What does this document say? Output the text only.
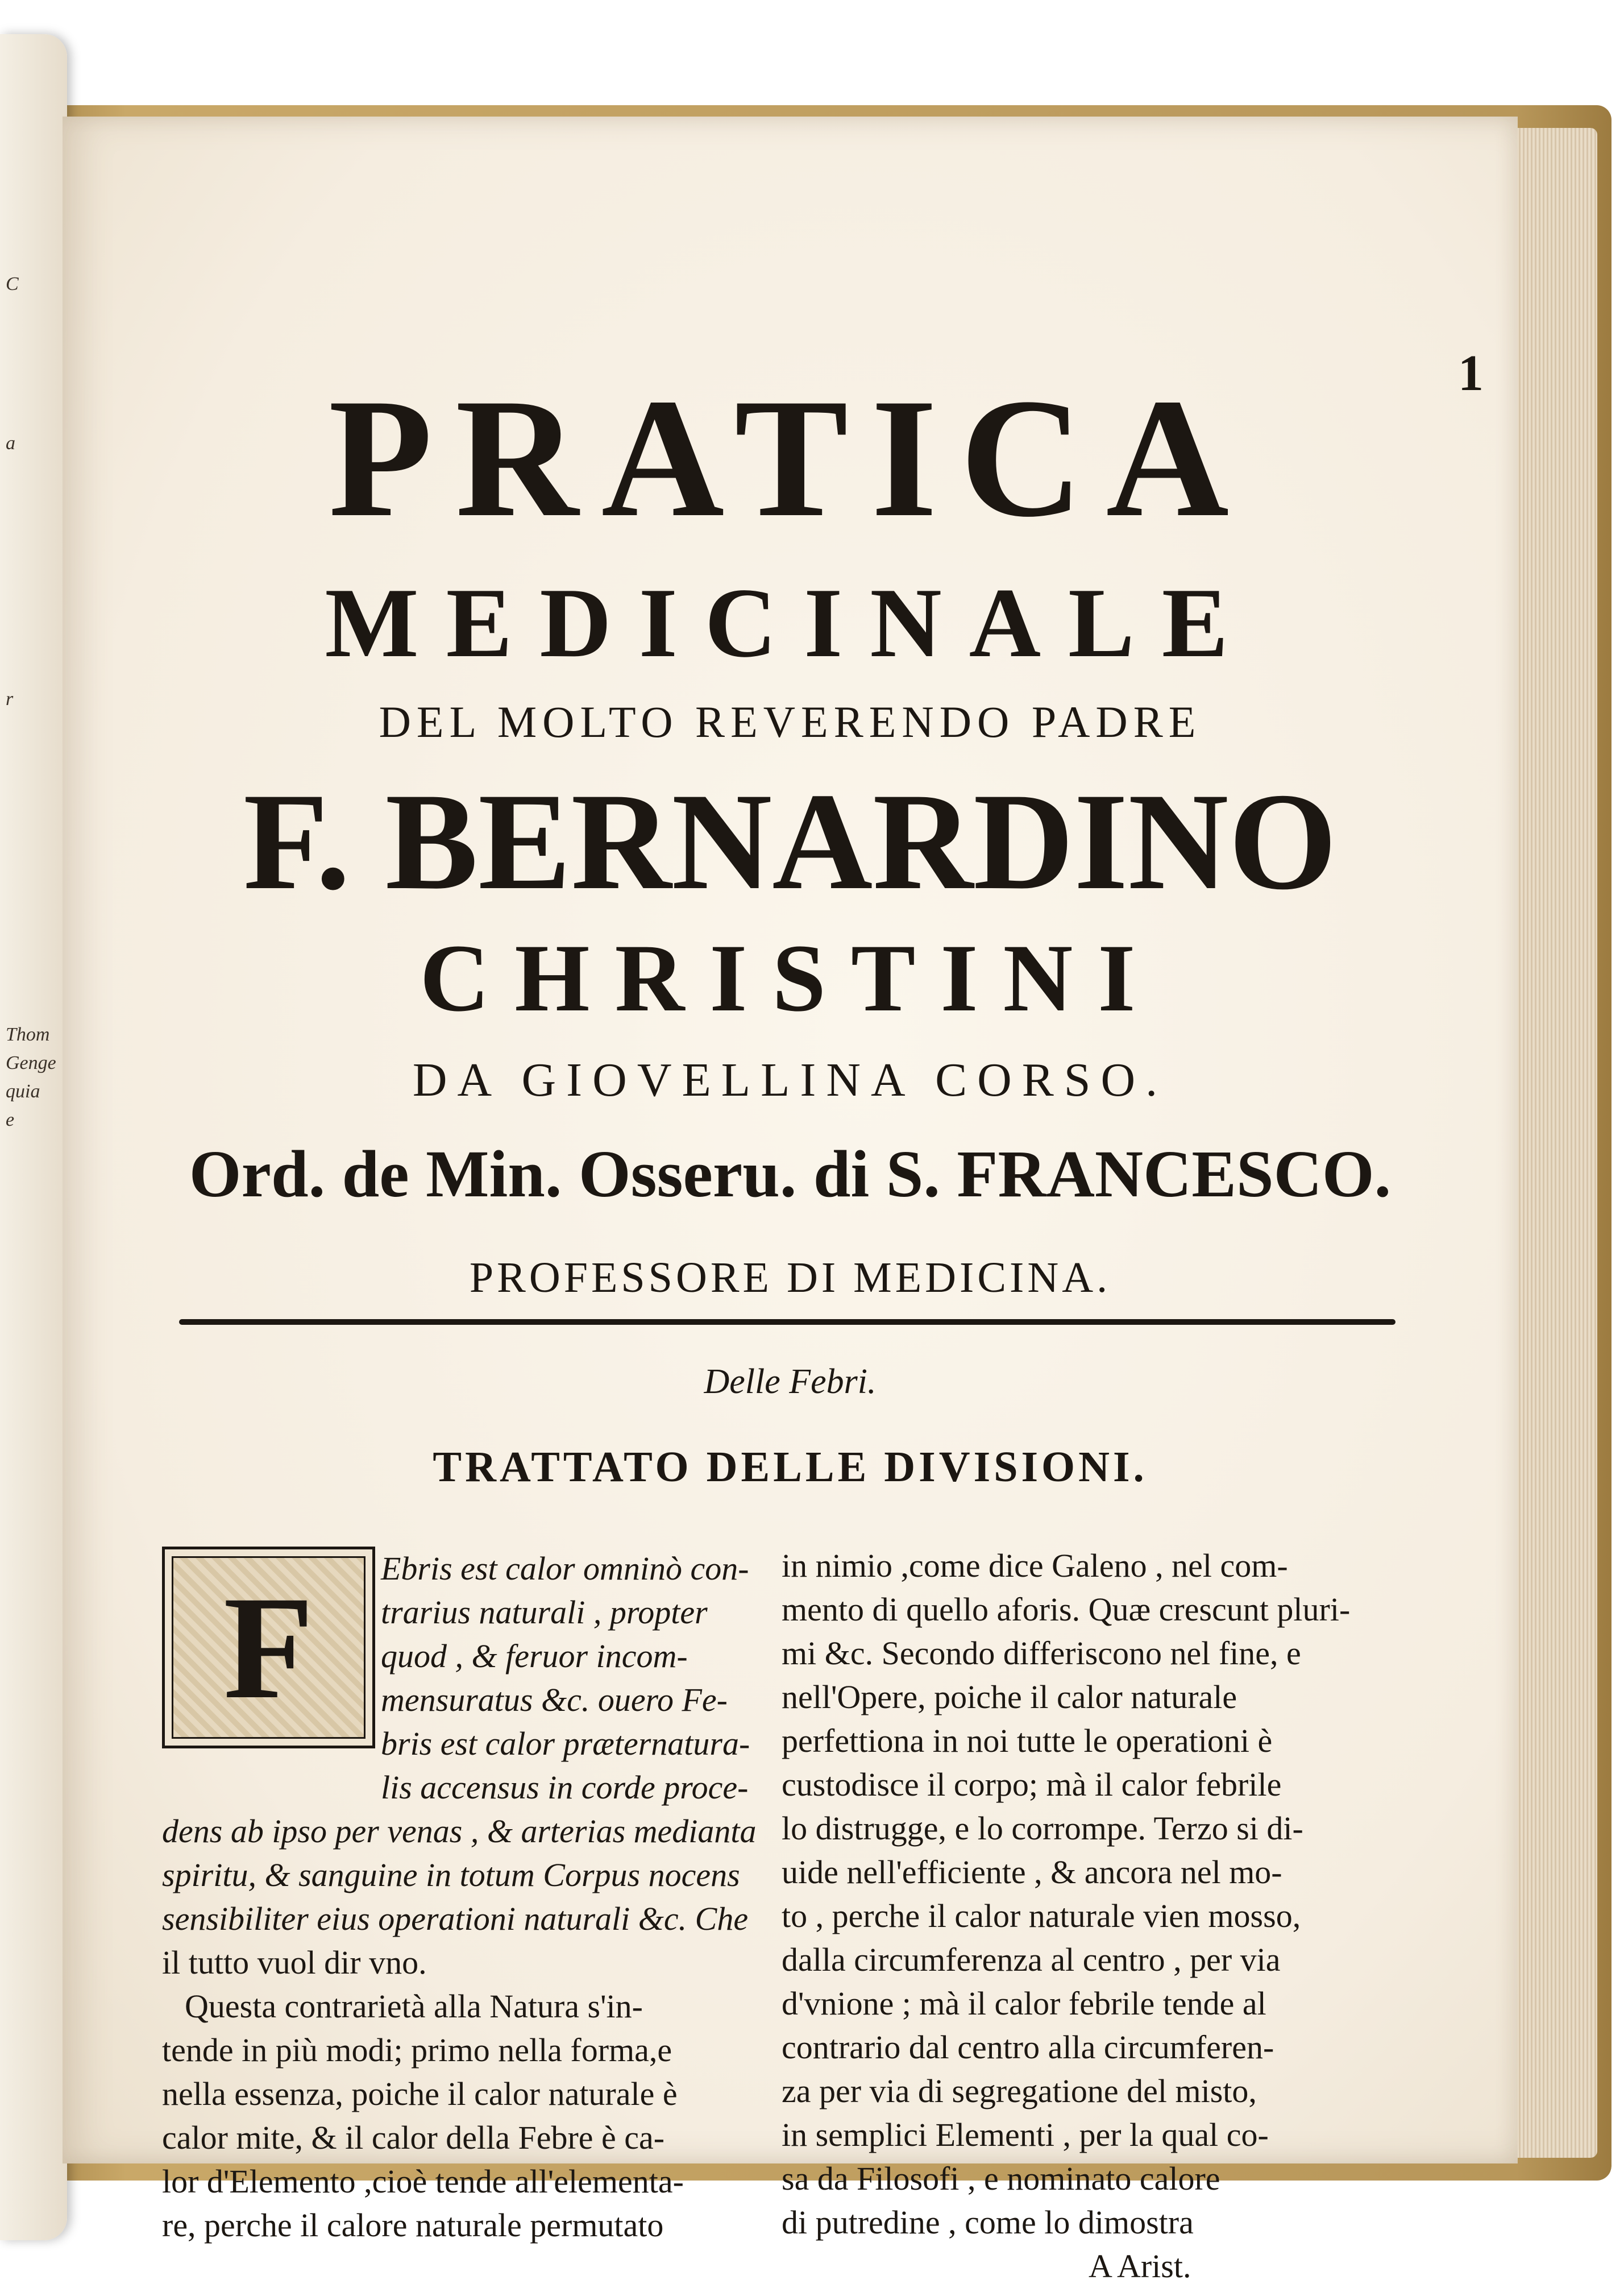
C
a
r
Thom
Genge
quia
e
1
PRATICA
MEDICINALE
DEL MOLTO REVERENDO PADRE
F. BERNARDINO
CHRISTINI
DA GIOVELLINA CORSO.
Ord. de Min. Osseru. di S. FRANCESCO.
PROFESSORE DI MEDICINA.
Delle Febri.
TRATTATO DELLE DIVISIONI.
F	Ebris est calor omninò con-
trarius naturali , propter
quod , & feruor incom-
mensuratus &c. ouero Fe-
bris est calor præternatura-
lis accensus in corde proce-
dens ab ipso per venas , & arterias medianta
spiritu, & sanguine in totum Corpus nocens
sensibiliter eius operationi naturali &c. Che
il tutto vuol dir vno.
Questa contrarietà alla Natura s'in-
tende in più modi; primo nella forma,e
nella essenza, poiche il calor naturale è
calor mite, & il calor della Febre è ca-
lor d'Elemento ,cioè tende all'elementa-
re, perche il calore naturale permutato
in nimio ,come dice Galeno , nel com-
mento di quello aforis. Quæ crescunt pluri-
mi &c. Secondo differiscono nel fine, e
nell'Opere, poiche il calor naturale
perfettiona in noi tutte le operationi è
custodisce il corpo; mà il calor febrile
lo distrugge, e lo corrompe. Terzo si di-
uide nell'efficiente , & ancora nel mo-
to , perche il calor naturale vien mosso,
dalla circumferenza al centro , per via
d'vnione ; mà il calor febrile tende al
contrario dal centro alla circumferen-
za per via di segregatione del misto,
in semplici Elementi , per la qual co-
sa da Filosofi , e nominato calore
di putredine , come lo dimostra
A Arist.
